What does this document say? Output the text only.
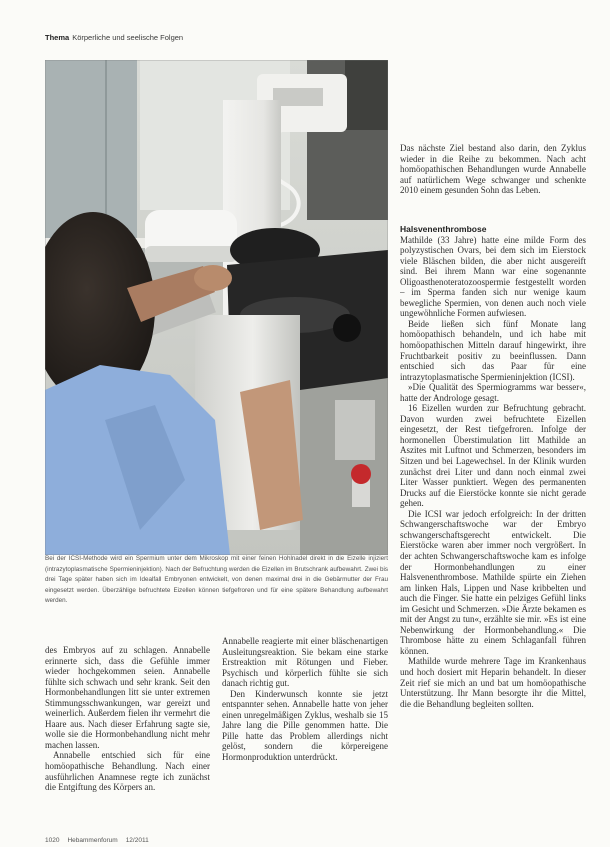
Thema Körperliche und seelische Folgen
Bei der ICSI-Methode wird ein Spermium unter dem Mikroskop mit einer feinen Hohlnadel direkt in die Eizelle injiziert (intrazytoplasmatische Spermieninjektion). Nach der Befruchtung werden die Eizellen im Brutschrank aufbewahrt. Zwei bis drei Tage später haben sich im Idealfall Embryonen entwickelt, von denen maximal drei in die Gebärmutter der Frau eingesetzt werden. Überzählige befruchtete Eizellen können tiefgefroren und für eine spätere Behandlung aufbewahrt werden.

des Embryos auf zu schlagen. Annabelle erinnerte sich, dass die Gefühle immer wieder hochgekommen seien. Annabelle fühlte sich schwach und sehr krank. Seit den Hormonbehandlungen litt sie unter extremen Stimmungsschwankungen, war gereizt und weinerlich. Außerdem fielen ihr vermehrt die Haare aus. Nach dieser Erfahrung sagte sie, wolle sie die Hormonbehandlung nicht mehr machen lassen.

Annabelle entschied sich für eine homöopathische Behandlung. Nach einer ausführlichen Anamnese regte ich zunächst die Entgiftung des Körpers an.

Annabelle reagierte mit einer bläschenartigen Ausleitungsreaktion. Sie bekam eine starke Erstreaktion mit Rötungen und Fieber. Psychisch und körperlich fühlte sie sich danach richtig gut.

Den Kinderwunsch konnte sie jetzt entspannter sehen. Annabelle hatte von jeher einen unregelmäßigen Zyklus, weshalb sie 15 Jahre lang die Pille genommen hatte. Die Pille hatte das Problem allerdings nicht gelöst, sondern die körpereigene Hormonproduktion unterdrückt.

Das nächste Ziel bestand also darin, den Zyklus wieder in die Reihe zu bekommen. Nach acht homöopathischen Behandlungen wurde Annabelle auf natürlichem Wege schwanger und schenkte 2010 einem gesunden Sohn das Leben.

Halsvenenthrombose

Mathilde (33 Jahre) hatte eine milde Form des polyzystischen Ovars, bei dem sich im Eierstock viele Bläschen bilden, die aber nicht ausgereift sind. Bei ihrem Mann war eine sogenannte Oligoasthenoteratozoospermie festgestellt worden – im Sperma fanden sich nur wenige kaum bewegliche Spermien, von denen auch noch viele ungewöhnliche Formen aufwiesen.

Beide ließen sich fünf Monate lang homöopathisch behandeln, und ich habe mit homöopathischen Mitteln darauf hingewirkt, ihre Fruchtbarkeit positiv zu beeinflussen. Dann entschied sich das Paar für eine intrazytoplasmatische Spermieninjektion (ICSI).

»Die Qualität des Spermiogramms war besser«, hatte der Androloge gesagt.

16 Eizellen wurden zur Befruchtung gebracht. Davon wurden zwei befruchtete Eizellen eingesetzt, der Rest tiefgefroren. Infolge der hormonellen Überstimulation litt Mathilde an Aszites mit Luftnot und Schmerzen, besonders im Sitzen und bei Lagewechsel. In der Klinik wurden zunächst drei Liter und dann noch einmal zwei Liter Wasser punktiert. Wegen des permanenten Drucks auf die Eierstöcke konnte sie nicht gerade gehen.

Die ICSI war jedoch erfolgreich: In der dritten Schwangerschaftswoche war der Embryo schwangerschaftsgerecht entwickelt. Die Eierstöcke waren aber immer noch vergrößert. In der achten Schwangerschaftswoche kam es infolge der Hormonbehandlungen zu einer Halsvenenthrombose. Mathilde spürte ein Ziehen am linken Hals, Lippen und Nase kribbelten und auch die Finger. Sie hatte ein pelziges Gefühl links im Gesicht und Schmerzen. »Die Ärzte bekamen es mit der Angst zu tun«, erzählte sie mir. »Es ist eine Nebenwirkung der Hormonbehandlung.« Die Thrombose hätte zu einem Schlaganfall führen können.

Mathilde wurde mehrere Tage im Krankenhaus und hoch dosiert mit Heparin behandelt. In dieser Zeit rief sie mich an und bat um homöopathische Unterstützung. Ihr Mann besorgte ihr die Mittel, die die Behandlung begleiten sollten.

1020 Hebammenforum 12/2011
